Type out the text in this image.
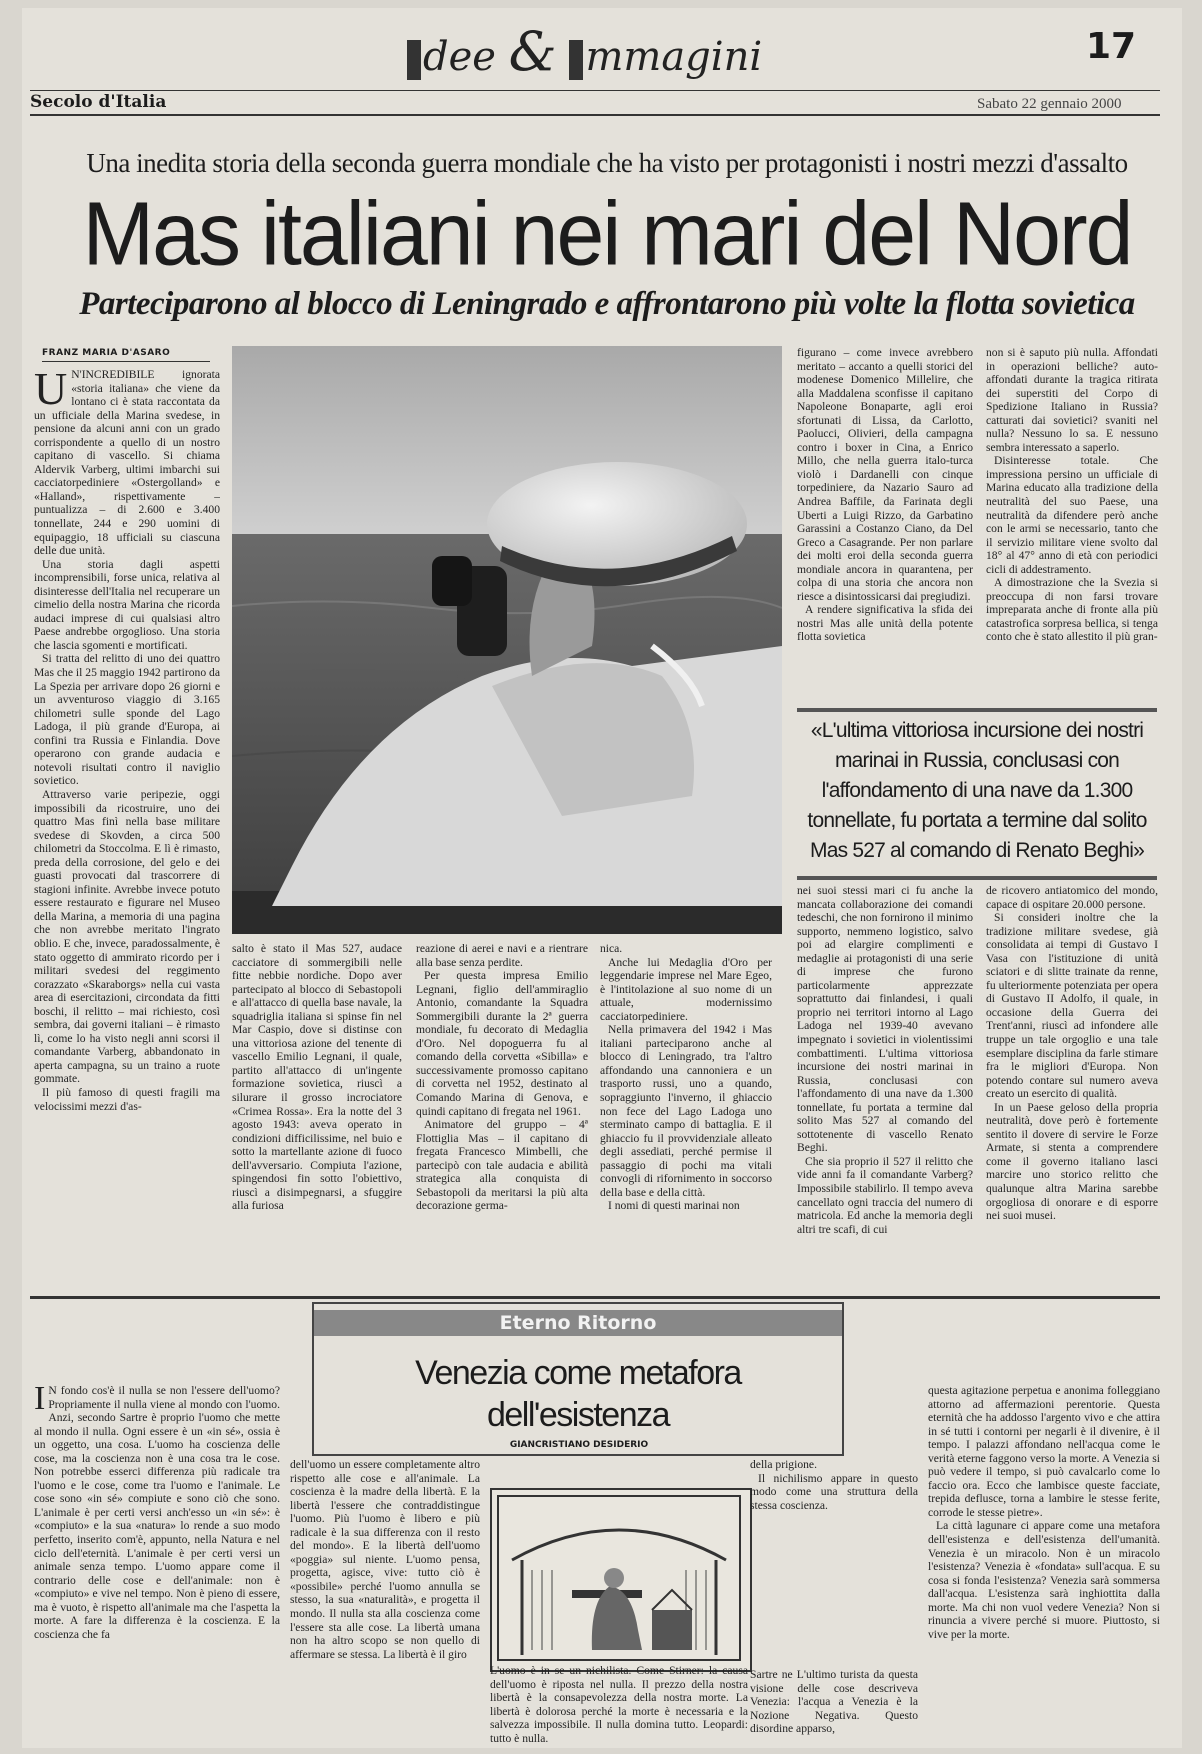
dee & mmagini	17
Secolo d'Italia	Sabato 22 gennaio 2000
Una inedita storia della seconda guerra mondiale che ha visto per protagonisti i nostri mezzi d'assalto
Mas italiani nei mari del Nord
Parteciparono al blocco di Leningrado e affrontarono più volte la flotta sovietica
FRANZ MARIA D'ASARO

U N'INCREDIBILE ignorata «storia italiana» che viene da lontano ci è stata raccontata da un ufficiale della Marina svedese, in pensione da alcuni anni con un grado corrispondente a quello di un nostro capitano di vascello. Si chiama Aldervik Varberg, ultimi imbarchi sui cacciatorpediniere «Ostergolland» e «Halland», rispettivamente – puntualizza – di 2.600 e 3.400 tonnellate, 244 e 290 uomini di equipaggio, 18 ufficiali su ciascuna delle due unità.

Una storia dagli aspetti incomprensibili, forse unica, relativa al disinteresse dell'Italia nel recuperare un cimelio della nostra Marina che ricorda audaci imprese di cui qualsiasi altro Paese andrebbe orgoglioso. Una storia che lascia sgomenti e mortificati.

Si tratta del relitto di uno dei quattro Mas che il 25 maggio 1942 partirono da La Spezia per arrivare dopo 26 giorni e un avventuroso viaggio di 3.165 chilometri sulle sponde del Lago Ladoga, il più grande d'Europa, ai confini tra Russia e Finlandia. Dove operarono con grande audacia e notevoli risultati contro il naviglio sovietico.

Attraverso varie peripezie, oggi impossibili da ricostruire, uno dei quattro Mas finì nella base militare svedese di Skovden, a circa 500 chilometri da Stoccolma. E lì è rimasto, preda della corrosione, del gelo e dei guasti provocati dal trascorrere di stagioni infinite. Avrebbe invece potuto essere restaurato e figurare nel Museo della Marina, a memoria di una pagina che non avrebbe meritato l'ingrato oblio. E che, invece, paradossalmente, è stato oggetto di ammirato ricordo per i militari svedesi del reggimento corazzato «Skaraborgs» nella cui vasta area di esercitazioni, circondata da fitti boschi, il relitto – mai richiesto, così sembra, dai governi italiani – è rimasto lì, come lo ha visto negli anni scorsi il comandante Varberg, abbandonato in aperta campagna, su un traino a ruote gommate.

Il più famoso di questi fragili ma velocissimi mezzi d'as-

salto è stato il Mas 527, audace cacciatore di sommergibili nelle fitte nebbie nordiche. Dopo aver partecipato al blocco di Sebastopoli e all'attacco di quella base navale, la squadriglia italiana si spinse fin nel Mar Caspio, dove si distinse con una vittoriosa azione del tenente di vascello Emilio Legnani, il quale, partito all'attacco di un'ingente formazione sovietica, riuscì a silurare il grosso incrociatore «Crimea Rossa». Era la notte del 3 agosto 1943: aveva operato in condizioni difficilissime, nel buio e sotto la martellante azione di fuoco dell'avversario. Compiuta l'azione, spingendosi fin sotto l'obiettivo, riuscì a disimpegnarsi, a sfuggire alla furiosa

reazione di aerei e navi e a rientrare alla base senza perdite.

Per questa impresa Emilio Legnani, figlio dell'ammiraglio Antonio, comandante la Squadra Sommergibili durante la 2ª guerra mondiale, fu decorato di Medaglia d'Oro. Nel dopoguerra fu al comando della corvetta «Sibilla» e successivamente promosso capitano di corvetta nel 1952, destinato al Comando Marina di Genova, e quindi capitano di fregata nel 1961.

Animatore del gruppo – 4ª Flottiglia Mas – il capitano di fregata Francesco Mimbelli, che partecipò con tale audacia e abilità strategica alla conquista di Sebastopoli da meritarsi la più alta decorazione germa-

nica.

Anche lui Medaglia d'Oro per leggendarie imprese nel Mare Egeo, è l'intitolazione al suo nome di un attuale, modernissimo cacciatorpediniere.

Nella primavera del 1942 i Mas italiani parteciparono anche al blocco di Leningrado, tra l'altro affondando una cannoniera e un trasporto russi, uno a quando, sopraggiunto l'inverno, il ghiaccio non fece del Lago Ladoga uno sterminato campo di battaglia. E il ghiaccio fu il provvidenziale alleato degli assediati, perché permise il passaggio di pochi ma vitali convogli di rifornimento in soccorso della base e della città.

I nomi di questi marinai non

figurano – come invece avrebbero meritato – accanto a quelli storici del modenese Domenico Millelire, che alla Maddalena sconfisse il capitano Napoleone Bonaparte, agli eroi sfortunati di Lissa, da Carlotto, Paolucci, Olivieri, della campagna contro i boxer in Cina, a Enrico Millo, che nella guerra italo-turca violò i Dardanelli con cinque torpediniere, da Nazario Sauro ad Andrea Baffile, da Farinata degli Uberti a Luigi Rizzo, da Garbatino Garassini a Costanzo Ciano, da Del Greco a Casagrande. Per non parlare dei molti eroi della seconda guerra mondiale ancora in quarantena, per colpa di una storia che ancora non riesce a disintossicarsi dai pregiudizi.

A rendere significativa la sfida dei nostri Mas alle unità della potente flotta sovietica

non si è saputo più nulla. Affondati in operazioni belliche? auto-affondati durante la tragica ritirata dei superstiti del Corpo di Spedizione Italiano in Russia? catturati dai sovietici? svaniti nel nulla? Nessuno lo sa. E nessuno sembra interessato a saperlo.

Disinteresse totale. Che impressiona persino un ufficiale di Marina educato alla tradizione della neutralità del suo Paese, una neutralità da difendere però anche con le armi se necessario, tanto che il servizio militare viene svolto dal 18° al 47° anno di età con periodici cicli di addestramento.

A dimostrazione che la Svezia si preoccupa di non farsi trovare impreparata anche di fronte alla più catastrofica sorpresa bellica, si tenga conto che è stato allestito il più gran-

«L'ultima vittoriosa incursione dei nostri marinai in Russia, conclusasi con l'affondamento di una nave da 1.300 tonnellate, fu portata a termine dal solito Mas 527 al comando di Renato Beghi»

nei suoi stessi mari ci fu anche la mancata collaborazione dei comandi tedeschi, che non fornirono il minimo supporto, nemmeno logistico, salvo poi ad elargire complimenti e medaglie ai protagonisti di una serie di imprese che furono particolarmente apprezzate soprattutto dai finlandesi, i quali proprio nei territori intorno al Lago Ladoga nel 1939-40 avevano impegnato i sovietici in violentissimi combattimenti. L'ultima vittoriosa incursione dei nostri marinai in Russia, conclusasi con l'affondamento di una nave da 1.300 tonnellate, fu portata a termine dal solito Mas 527 al comando del sottotenente di vascello Renato Beghi.

Che sia proprio il 527 il relitto che vide anni fa il comandante Varberg? Impossibile stabilirlo. Il tempo aveva cancellato ogni traccia del numero di matricola. Ed anche la memoria degli altri tre scafi, di cui

de ricovero antiatomico del mondo, capace di ospitare 20.000 persone.

Si consideri inoltre che la tradizione militare svedese, già consolidata ai tempi di Gustavo I Vasa con l'istituzione di unità sciatori e di slitte trainate da renne, fu ulteriormente potenziata per opera di Gustavo II Adolfo, il quale, in occasione della Guerra dei Trent'anni, riuscì ad infondere alle truppe un tale orgoglio e una tale esemplare disciplina da farle stimare fra le migliori d'Europa. Non potendo contare sul numero aveva creato un esercito di qualità.

In un Paese geloso della propria neutralità, dove però è fortemente sentito il dovere di servire le Forze Armate, si stenta a comprendere come il governo italiano lasci marcire uno storico relitto che qualunque altra Marina sarebbe orgogliosa di onorare e di esporre nei suoi musei.

Eterno Ritorno
Venezia come metafora
dell'esistenza
GIANCRISTIANO DESIDERIO

I N fondo cos'è il nulla se non l'essere dell'uomo? Propriamente il nulla viene al mondo con l'uomo. Anzi, secondo Sartre è proprio l'uomo che mette al mondo il nulla. Ogni essere è un «in sé», ossia è un oggetto, una cosa. L'uomo ha coscienza delle cose, ma la coscienza non è una cosa tra le cose. Non potrebbe esserci differenza più radicale tra l'uomo e le cose, come tra l'uomo e l'animale. Le cose sono «in sé» compiute e sono ciò che sono. L'animale è per certi versi anch'esso un «in sé»: è «compiuto» e la sua «natura» lo rende a suo modo perfetto, inserito com'è, appunto, nella Natura e nel ciclo dell'eternità. L'animale è per certi versi un animale senza tempo. L'uomo appare come il contrario delle cose e dell'animale: non è «compiuto» e vive nel tempo. Non è pieno di essere, ma è vuoto, è rispetto all'animale ma che l'aspetta la morte. A fare la differenza è la coscienza. E la coscienza che fa

dell'uomo un essere completamente altro rispetto alle cose e all'animale. La coscienza è la madre della libertà. E la libertà l'essere che contraddistingue l'uomo. Più l'uomo è libero e più radicale è la sua differenza con il resto del mondo». E la libertà dell'uomo «poggia» sul niente. L'uomo pensa, progetta, agisce, vive: tutto ciò è «possibile» perché l'uomo annulla se stesso, la sua «naturalità», e progetta il mondo. Il nulla sta alla coscienza come l'essere sta alle cose. La libertà umana non ha altro scopo se non quello di affermare se stessa. La libertà è il giro

L'uomo è in se un nichilista. Come Stirner: la causa dell'uomo è riposta nel nulla. Il prezzo della nostra libertà è la consapevolezza della nostra morte. La libertà è dolorosa perché la morte è necessaria e la salvezza impossibile. Il nulla domina tutto. Leopardi: tutto è nulla.

della prigione.

Il nichilismo appare in questo modo come una struttura della stessa coscienza.

Sartre ne L'ultimo turista da questa visione delle cose descriveva Venezia: l'acqua a Venezia è la Nozione Negativa. Questo disordine apparso,

questa agitazione perpetua e anonima folleggiano attorno ad affermazioni perentorie. Questa eternità che ha addosso l'argento vivo e che attira in sé tutti i contorni per negarli è il divenire, è il tempo. I palazzi affondano nell'acqua come le verità eterne faggono verso la morte. A Venezia si può vedere il tempo, si può cavalcarlo come lo faccio ora. Ecco che lambisce queste facciate, trepida deflusce, torna a lambire le stesse ferite, corrode le stesse pietre».

La città lagunare ci appare come una metafora dell'esistenza e dell'esistenza dell'umanità. Venezia è un miracolo. Non è un miracolo l'esistenza? Venezia è «fondata» sull'acqua. E su cosa si fonda l'esistenza? Venezia sarà sommersa dall'acqua. L'esistenza sarà inghiottita dalla morte. Ma chi non vuol vedere Venezia? Non si rinuncia a vivere perché si muore. Piuttosto, si vive per la morte.
